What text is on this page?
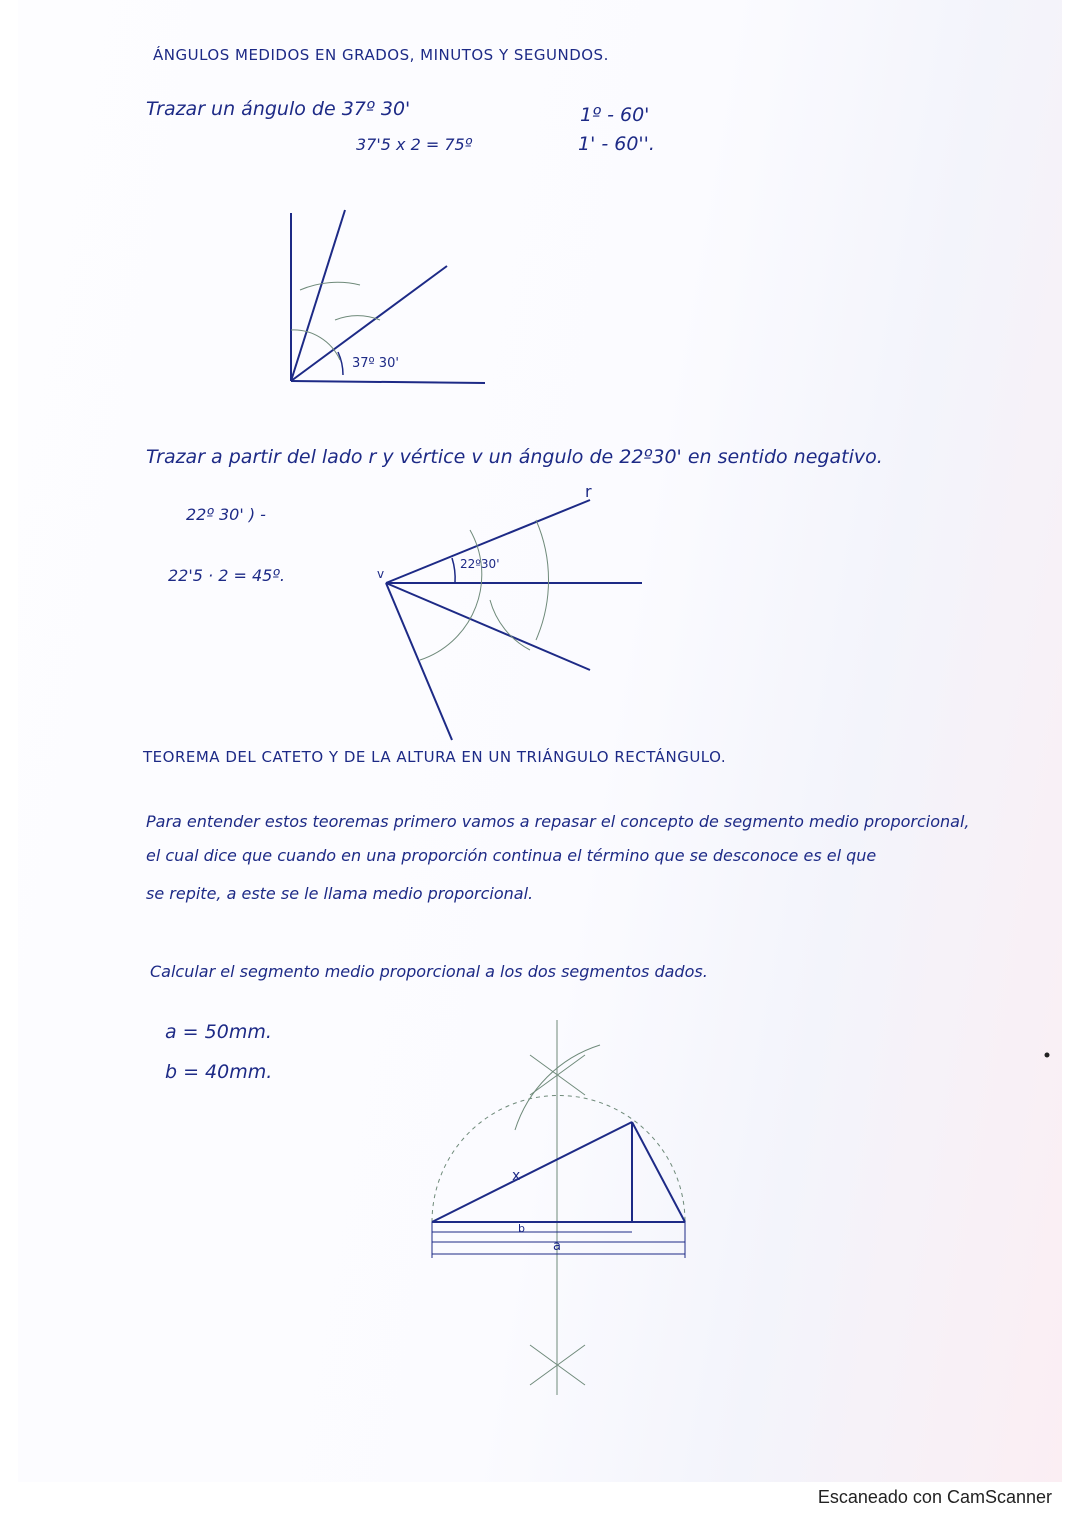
ÁNGULOS MEDIDOS EN GRADOS, MINUTOS Y SEGUNDOS.
Trazar un ángulo de 37º 30'
37'5 x 2 = 75º
1º - 60'
1' - 60''.
Trazar a partir del lado r y vértice v un ángulo de 22º30' en sentido negativo.
22º 30' ) -
22'5 · 2 = 45º.
TEOREMA DEL CATETO Y DE LA ALTURA EN UN TRIÁNGULO RECTÁNGULO.
Para entender estos teoremas primero vamos a repasar el concepto de segmento medio proporcional,
el cual dice que cuando en una proporción continua el término que se desconoce es el que
se repite, a este se le llama medio proporcional.
Calcular el segmento medio proporcional a los dos segmentos dados.
a = 50mm.
b = 40mm.
37º 30'
22º30'
r
v
x
b
a
Escaneado con CamScanner
